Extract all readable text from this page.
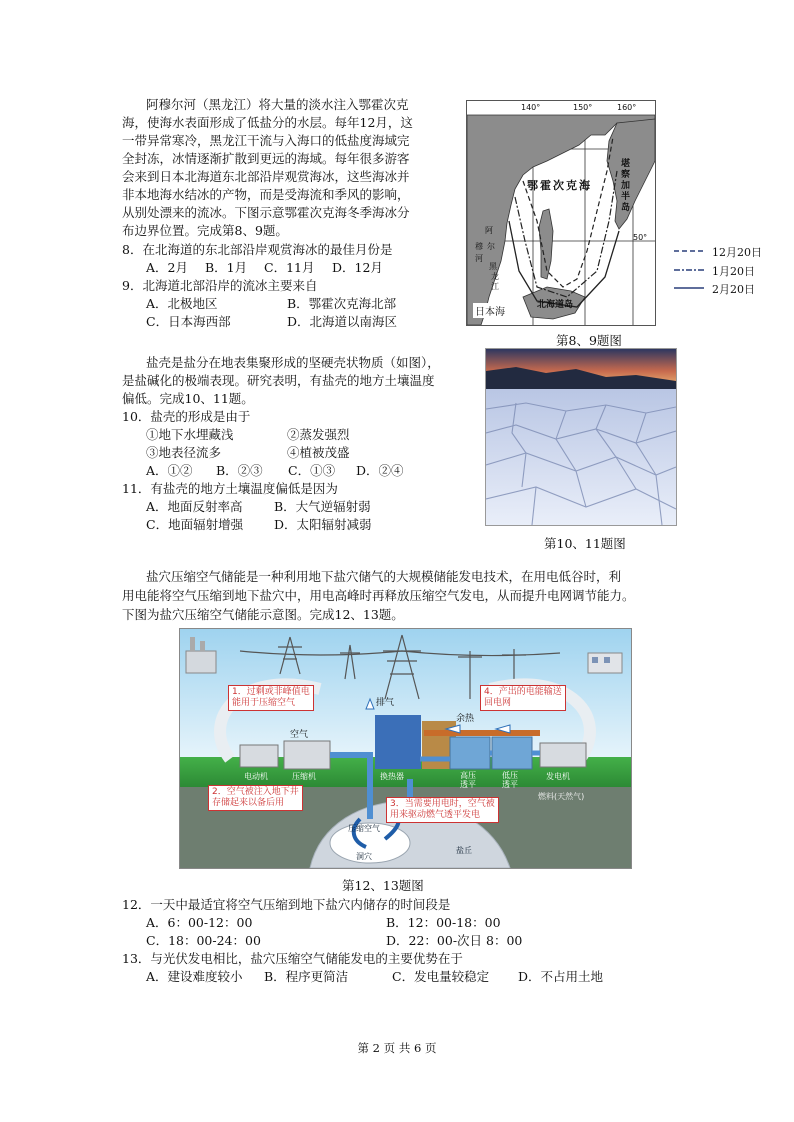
阿穆尔河（黑龙江）将大量的淡水注入鄂霍次克
海，使海水表面形成了低盐分的水层。每年12月，这
一带异常寒冷，黑龙江干流与入海口的低盐度海域完
全封冻，冰情逐渐扩散到更远的海域。每年很多游客
会来到日本北海道东北部沿岸观赏海冰，这些海冰并
非本地海水结冰的产物，而是受海流和季风的影响，
从别处漂来的流冰。下图示意鄂霍次克海冬季海冰分
布边界位置。完成第8、9题。
8．在北海道的东北部沿岸观赏海冰的最佳月份是
A．2月 B．1月 C．11月 D．12月
9．北海道北部沿岸的流冰主要来自
A．北极地区	B．鄂霍次克海北部
C．日本海西部	D．北海道以南海区
140°	150°	160°
50°
鄂霍次克海
堪察加半岛
阿
穆 尔
河
黑
龙
江
日本海
北海道岛
12月20日
1月20日
2月20日
第8、9题图
盐壳是盐分在地表集聚形成的坚硬壳状物质（如图），
是盐碱化的极端表现。研究表明，有盐壳的地方土壤温度
偏低。完成10、11题。
10．盐壳的形成是由于
①地下水埋藏浅	②蒸发强烈
③地表径流多	④植被茂盛
A．①② B．②③ C．①③ D．②④
11．有盐壳的地方土壤温度偏低是因为
A．地面反射率高	B．大气逆辐射弱
C．地面辐射增强 D．太阳辐射减弱
第10、11题图
盐穴压缩空气储能是一种利用地下盐穴储气的大规模储能发电技术，在用电低谷时，利
用电能将空气压缩到地下盐穴中，用电高峰时再释放压缩空气发电，从而提升电网调节能力。
下图为盐穴压缩空气储能示意图。完成12、13题。
1．过剩或非峰值电
能用于压缩空气
4．产出的电能输送
回电网
2．空气被注入地下井
存储起来以备后用	3．当需要用电时，空气被
用来驱动燃气透平发电
空气
排气
余热
电动机	压缩机	换热器	高压
透平
低压
透平
发电机
燃料(天然气)
压缩空气
洞穴
盐丘
第12、13题图
12．一天中最适宜将空气压缩到地下盐穴内储存的时间段是
A．6：00-12：00	B．12：00-18：00
C．18：00-24：00	D．22：00-次日 8：00
13．与光伏发电相比，盐穴压缩空气储能发电的主要优势在于
A．建设难度较小 B．程序更简洁	C．发电量较稳定 D．不占用土地
第 2 页 共 6 页
